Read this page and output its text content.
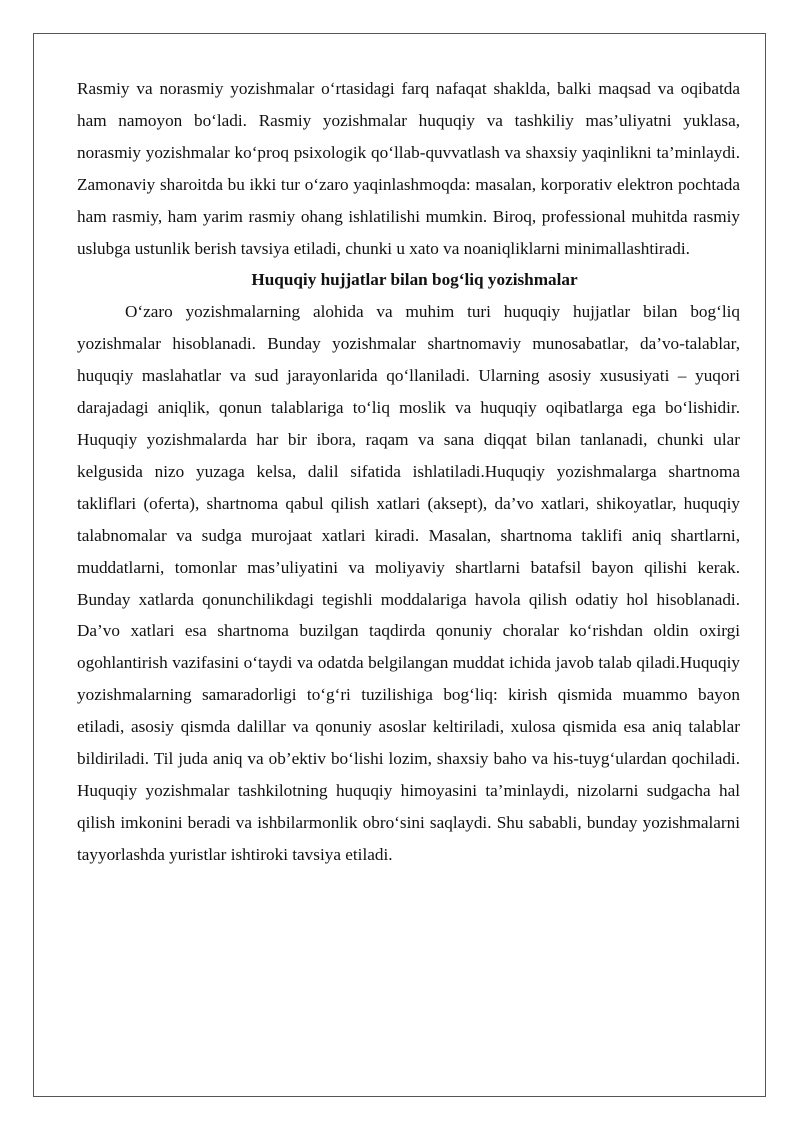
Rasmiy va norasmiy yozishmalar o‘rtasidagi farq nafaqat shaklda, balki maqsad va oqibatda ham namoyon bo‘ladi. Rasmiy yozishmalar huquqiy va tashkiliy mas’uliyatni yuklasa, norasmiy yozishmalar ko‘proq psixologik qo‘llab-quvvatlash va shaxsiy yaqinlikni ta’minlaydi. Zamonaviy sharoitda bu ikki tur o‘zaro yaqinlashmoqda: masalan, korporativ elektron pochtada ham rasmiy, ham yarim rasmiy ohang ishlatilishi mumkin. Biroq, professional muhitda rasmiy uslubga ustunlik berish tavsiya etiladi, chunki u xato va noaniqliklarni minimallashtiradi.

Huquqiy hujjatlar bilan bog‘liq yozishmalar

O‘zaro yozishmalarning alohida va muhim turi huquqiy hujjatlar bilan bog‘liq yozishmalar hisoblanadi. Bunday yozishmalar shartnomaviy munosabatlar, da’vo-talablar, huquqiy maslahatlar va sud jarayonlarida qo‘llaniladi. Ularning asosiy xususiyati – yuqori darajadagi aniqlik, qonun talablariga to‘liq moslik va huquqiy oqibatlarga ega bo‘lishidir. Huquqiy yozishmalarda har bir ibora, raqam va sana diqqat bilan tanlanadi, chunki ular kelgusida nizo yuzaga kelsa, dalil sifatida ishlatiladi.Huquqiy yozishmalarga shartnoma takliflari (oferta), shartnoma qabul qilish xatlari (aksept), da’vo xatlari, shikoyatlar, huquqiy talabnomalar va sudga murojaat xatlari kiradi. Masalan, shartnoma taklifi aniq shartlarni, muddatlarni, tomonlar mas’uliyatini va moliyaviy shartlarni batafsil bayon qilishi kerak. Bunday xatlarda qonunchilikdagi tegishli moddalariga havola qilish odatiy hol hisoblanadi. Da’vo xatlari esa shartnoma buzilgan taqdirda qonuniy choralar ko‘rishdan oldin oxirgi ogohlantirish vazifasini o‘taydi va odatda belgilangan muddat ichida javob talab qiladi.Huquqiy yozishmalarning samaradorligi to‘g‘ri tuzilishiga bog‘liq: kirish qismida muammo bayon etiladi, asosiy qismda dalillar va qonuniy asoslar keltiriladi, xulosa qismida esa aniq talablar bildiriladi. Til juda aniq va ob’ektiv bo‘lishi lozim, shaxsiy baho va his-tuyg‘ulardan qochiladi. Huquqiy yozishmalar tashkilotning huquqiy himoyasini ta’minlaydi, nizolarni sudgacha hal qilish imkonini beradi va ishbilarmonlik obro‘sini saqlaydi. Shu sababli, bunday yozishmalarni tayyorlashda yuristlar ishtiroki tavsiya etiladi.
